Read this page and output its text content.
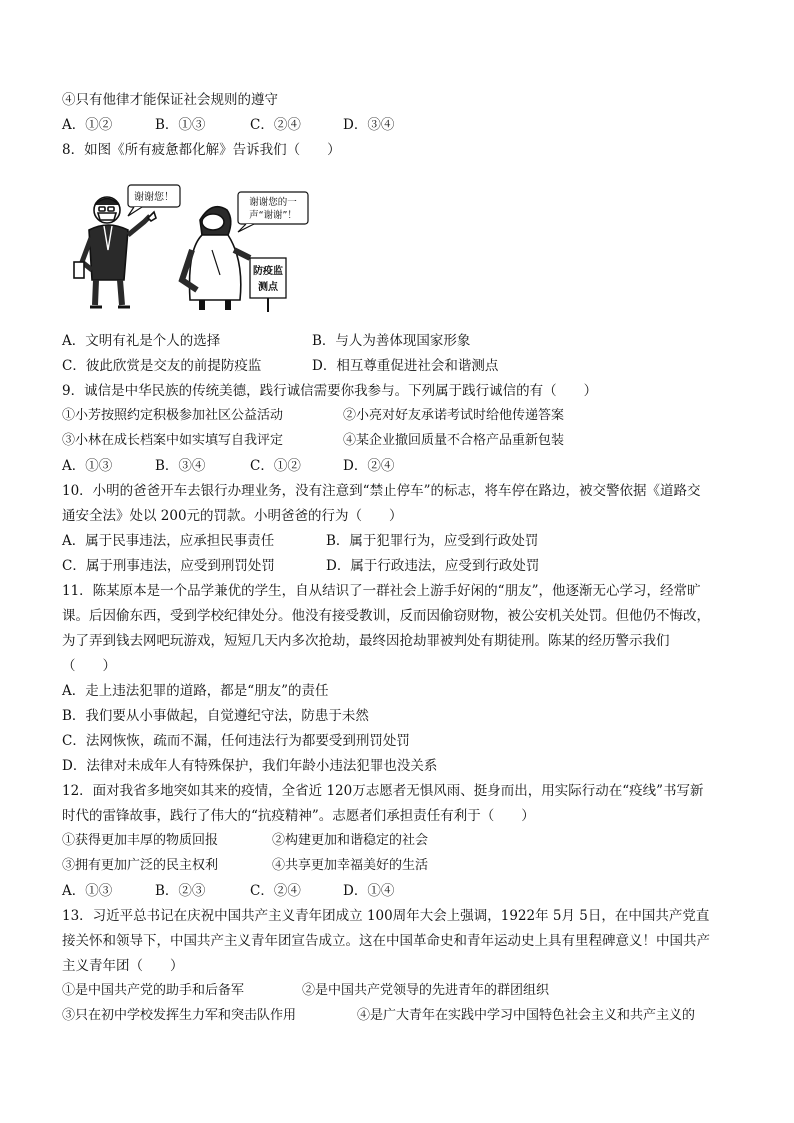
④只有他律才能保证社会规则的遵守
A．①②	B．①③	C．②④	D．③④
8．如图《所有疲惫都化解》告诉我们（　　）
谢谢您！	谢谢您的一
声“谢谢”！
防疫监
测点
A．文明有礼是个人的选择	B．与人为善体现国家形象
C．彼此欣赏是交友的前提防疫监	D．相互尊重促进社会和谐测点
9．诚信是中华民族的传统美德，践行诚信需要你我参与。下列属于践行诚信的有（　　）
①小芳按照约定积极参加社区公益活动	②小亮对好友承诺考试时给他传递答案
③小林在成长档案中如实填写自我评定	④某企业撤回质量不合格产品重新包装
A．①③	B．③④	C．①②	D．②④
10．小明的爸爸开车去银行办理业务，没有注意到“禁止停车”的标志，将车停在路边，被交警依据《道路交
通安全法》处以 200元的罚款。小明爸爸的行为（　　）
A．属于民事违法，应承担民事责任	B．属于犯罪行为，应受到行政处罚
C．属于刑事违法，应受到刑罚处罚	D．属于行政违法，应受到行政处罚
11．陈某原本是一个品学兼优的学生，自从结识了一群社会上游手好闲的“朋友”，他逐渐无心学习，经常旷
课。后因偷东西，受到学校纪律处分。他没有接受教训，反而因偷窃财物，被公安机关处罚。但他仍不悔改，
为了弄到钱去网吧玩游戏，短短几天内多次抢劫，最终因抢劫罪被判处有期徒刑。陈某的经历警示我们
（　　）
A．走上违法犯罪的道路，都是“朋友”的责任
B．我们要从小事做起，自觉遵纪守法，防患于未然
C．法网恢恢，疏而不漏，任何违法行为都要受到刑罚处罚
D．法律对未成年人有特殊保护，我们年龄小违法犯罪也没关系
12．面对我省多地突如其来的疫情，全省近 120万志愿者无惧风雨、挺身而出，用实际行动在“疫线”书写新
时代的雷锋故事，践行了伟大的“抗疫精神”。志愿者们承担责任有利于（　　）
①获得更加丰厚的物质回报	②构建更加和谐稳定的社会
③拥有更加广泛的民主权利	④共享更加幸福美好的生活
A．①③	B．②③	C．②④	D．①④
13．习近平总书记在庆祝中国共产主义青年团成立 100周年大会上强调，1922年 5月 5日，在中国共产党直
接关怀和领导下，中国共产主义青年团宣告成立。这在中国革命史和青年运动史上具有里程碑意义！中国共产
主义青年团（　　）
①是中国共产党的助手和后备军	②是中国共产党领导的先进青年的群团组织
③只在初中学校发挥生力军和突击队作用	④是广大青年在实践中学习中国特色社会主义和共产主义的
